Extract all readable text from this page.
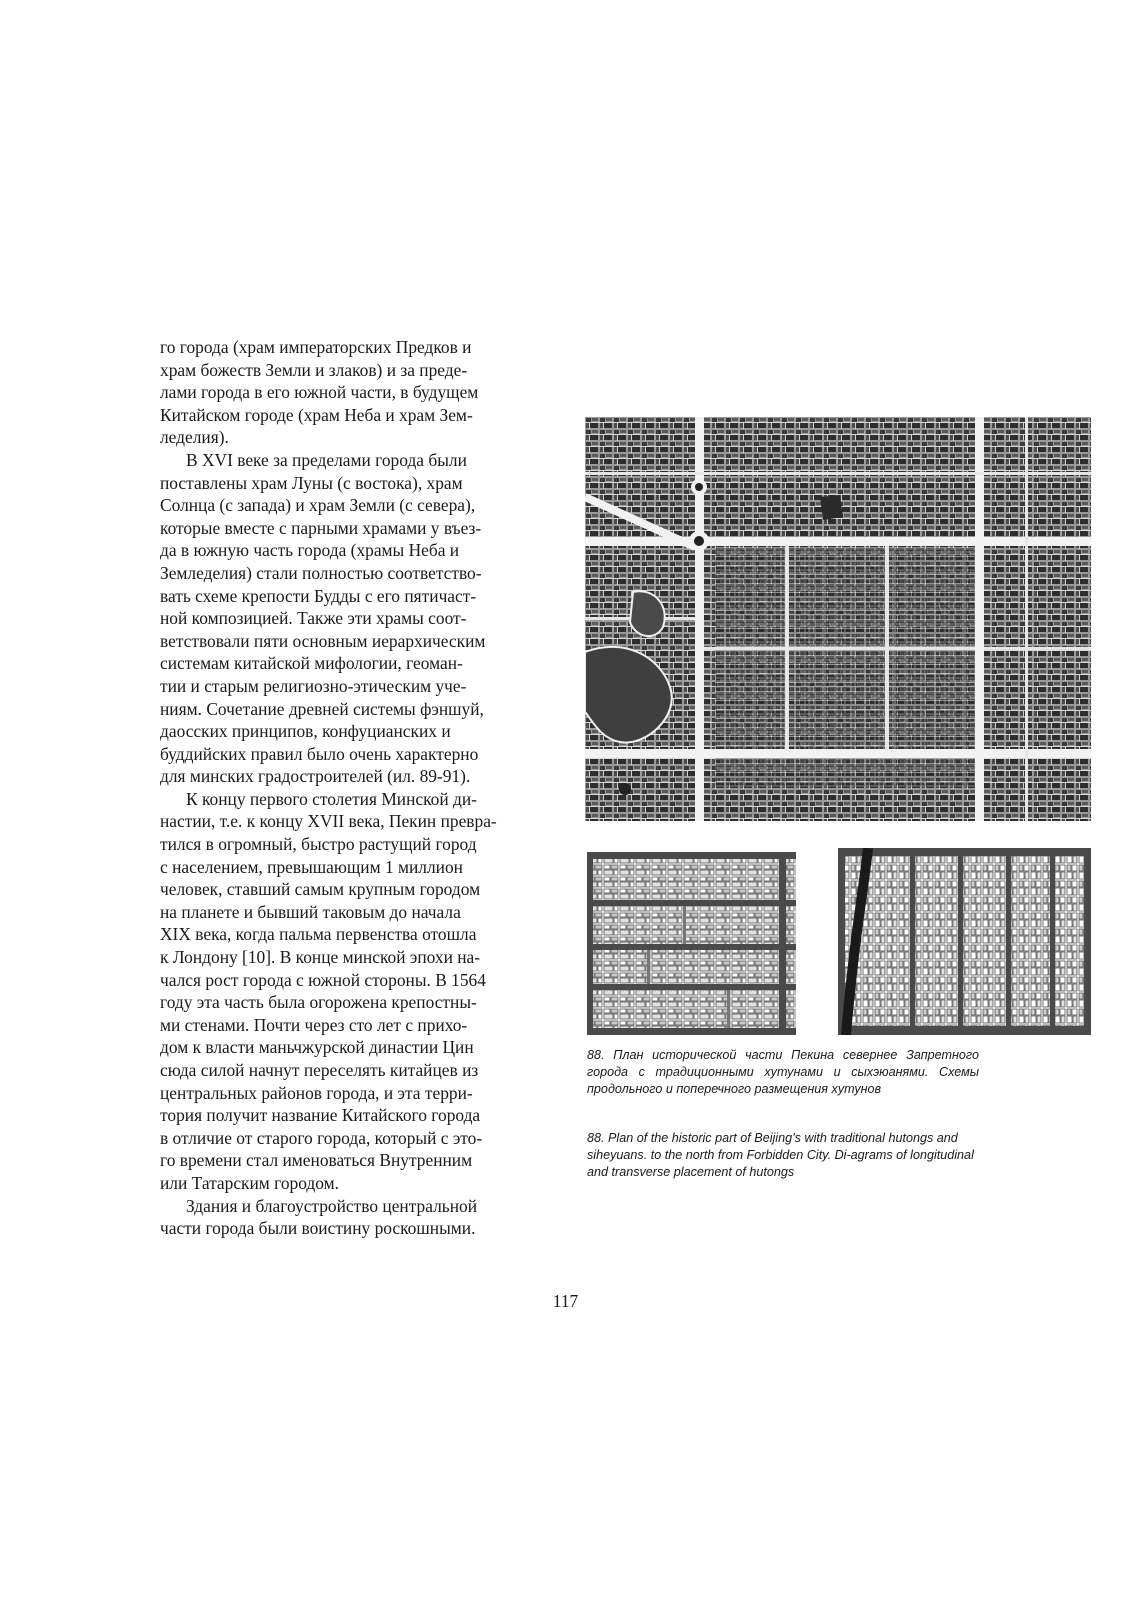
го города (храм императорских Предков и
храм божеств Земли и злаков) и за преде-
лами города в его южной части, в будущем
Китайском городе (храм Неба и храм Зем-
леделия).

В XVI веке за пределами города были
поставлены храм Луны (с востока), храм
Солнца (с запада) и храм Земли (с севера),
которые вместе с парными храмами у въез-
да в южную часть города (храмы Неба и
Земледелия) стали полностью соответство-
вать схеме крепости Будды с его пятичаст-
ной композицией. Также эти храмы соот-
ветствовали пяти основным иерархическим
системам китайской мифологии, геоман-
тии и старым религиозно-этическим уче-
ниям. Сочетание древней системы фэншуй,
даосских принципов, конфуцианских и
буддийских правил было очень характерно
для минских градостроителей (ил. 89-91).

К концу первого столетия Минской ди-
настии, т.е. к концу XVII века, Пекин превра-
тился в огромный, быстро растущий город
с населением, превышающим 1 миллион
человек, ставший самым крупным городом
на планете и бывший таковым до начала
XIX века, когда пальма первенства отошла
к Лондону [10]. В конце минской эпохи на-
чался рост города с южной стороны. В 1564
году эта часть была огорожена крепостны-
ми стенами. Почти через сто лет с прихо-
дом к власти маньчжурской династии Цин
сюда силой начнут переселять китайцев из
центральных районов города, и эта терри-
тория получит название Китайского города
в отличие от старого города, который с это-
го времени стал именоваться Внутренним
или Татарским городом.

Здания и благоустройство центральной
части города были воистину роскошными.

88. План исторической части Пекина севернее Запретного города с традиционными хутунами и сыхэюанями. Схемы продольного и поперечного размещения хутунов
88. Plan of the historic part of Beijing’s with traditional hutongs and siheyuans. to the north from Forbidden City. Di-agrams of longitudinal and transverse placement of hutongs
117
